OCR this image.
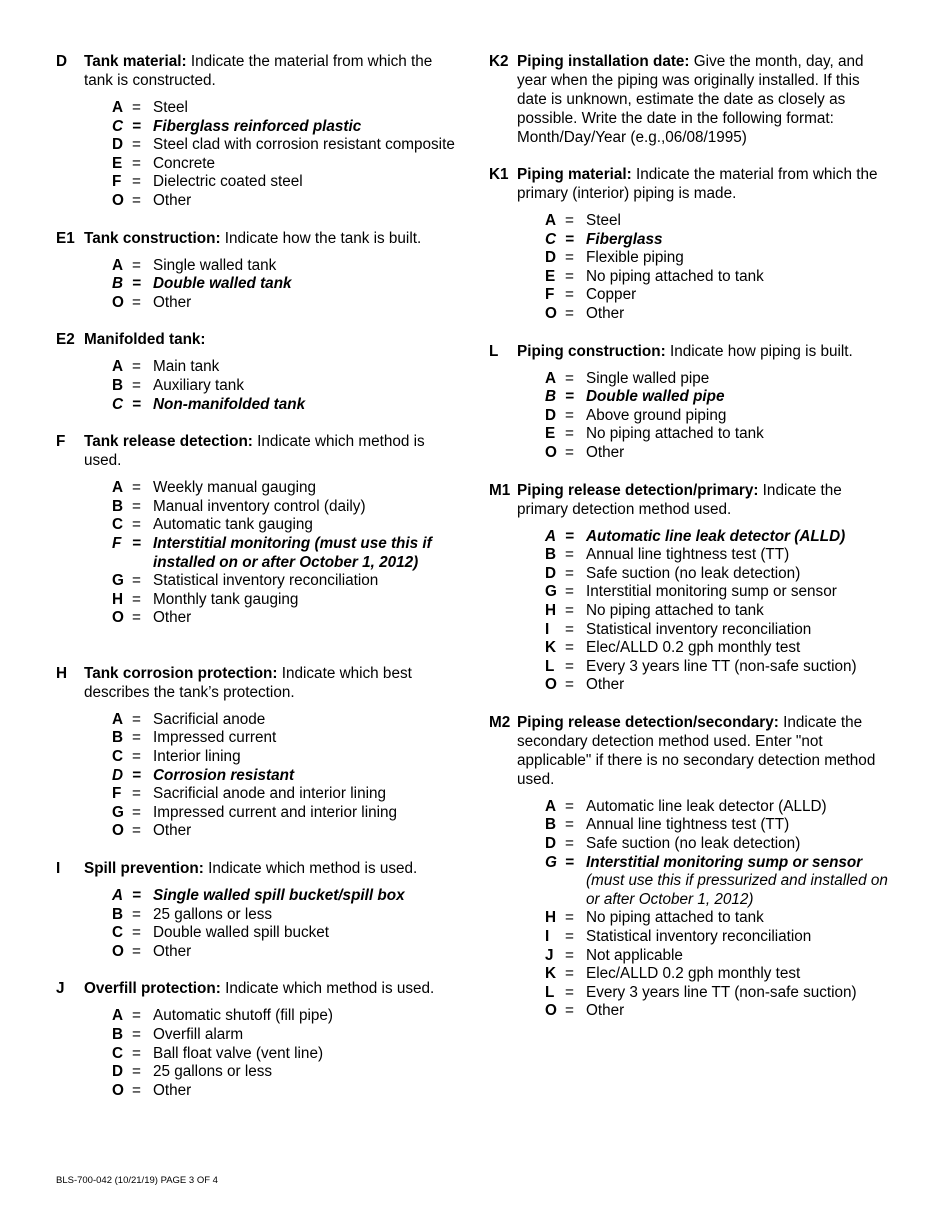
D	Tank material: Indicate the material from which the tank is constructed.
A = Steel
C = Fiberglass reinforced plastic
D = Steel clad with corrosion resistant composite
E = Concrete
F = Dielectric coated steel
O = Other
E1 Tank construction: Indicate how the tank is built.
A = Single walled tank
B = Double walled tank
O = Other
E2 Manifolded tank:
A = Main tank
B = Auxiliary tank
C = Non-manifolded tank
F	Tank release detection: Indicate which method is used.
A = Weekly manual gauging
B = Manual inventory control (daily)
C = Automatic tank gauging
F = Interstitial monitoring (must use this if installed on or after October 1, 2012)
G = Statistical inventory reconciliation
H = Monthly tank gauging
O = Other
H	Tank corrosion protection: Indicate which best describes the tank’s protection.
A = Sacrificial anode
B = Impressed current
C = Interior lining
D = Corrosion resistant
F = Sacrificial anode and interior lining
G = Impressed current and interior lining
O = Other
I	Spill prevention: Indicate which method is used.
A = Single walled spill bucket/spill box
B = 25 gallons or less
C = Double walled spill bucket
O = Other
J	Overfill protection: Indicate which method is used.
A = Automatic shutoff (fill pipe)
B = Overfill alarm
C = Ball float valve (vent line)
D = 25 gallons or less
O = Other
K2 Piping installation date: Give the month, day, and year when the piping was originally installed. If this date is unknown, estimate the date as closely as possible. Write the date in the following format: Month/Day/Year (e.g.,06/08/1995)
K1 Piping material: Indicate the material from which the primary (interior) piping is made.
A = Steel
C = Fiberglass
D = Flexible piping
E = No piping attached to tank
F = Copper
O = Other
L	Piping construction: Indicate how piping is built.
A = Single walled pipe
B = Double walled pipe
D = Above ground piping
E = No piping attached to tank
O = Other
M1 Piping release detection/primary: Indicate the primary detection method used.
A = Automatic line leak detector (ALLD)
B = Annual line tightness test (TT)
D = Safe suction (no leak detection)
G = Interstitial monitoring sump or sensor
H = No piping attached to tank
I	= Statistical inventory reconciliation
K = Elec/ALLD 0.2 gph monthly test
L = Every 3 years line TT (non-safe suction)
O = Other
M2 Piping release detection/secondary: Indicate the secondary detection method used. Enter "not applicable" if there is no secondary detection method used.
A = Automatic line leak detector (ALLD)
B = Annual line tightness test (TT)
D = Safe suction (no leak detection)
G = Interstitial monitoring sump or sensor
(must use this if pressurized and installed on or after October 1, 2012)
H = No piping attached to tank
I	= Statistical inventory reconciliation
J = Not applicable
K = Elec/ALLD 0.2 gph monthly test
L = Every 3 years line TT (non-safe suction)
O = Other
BLS-700-042 (10/21/19) PAGE 3 OF 4
